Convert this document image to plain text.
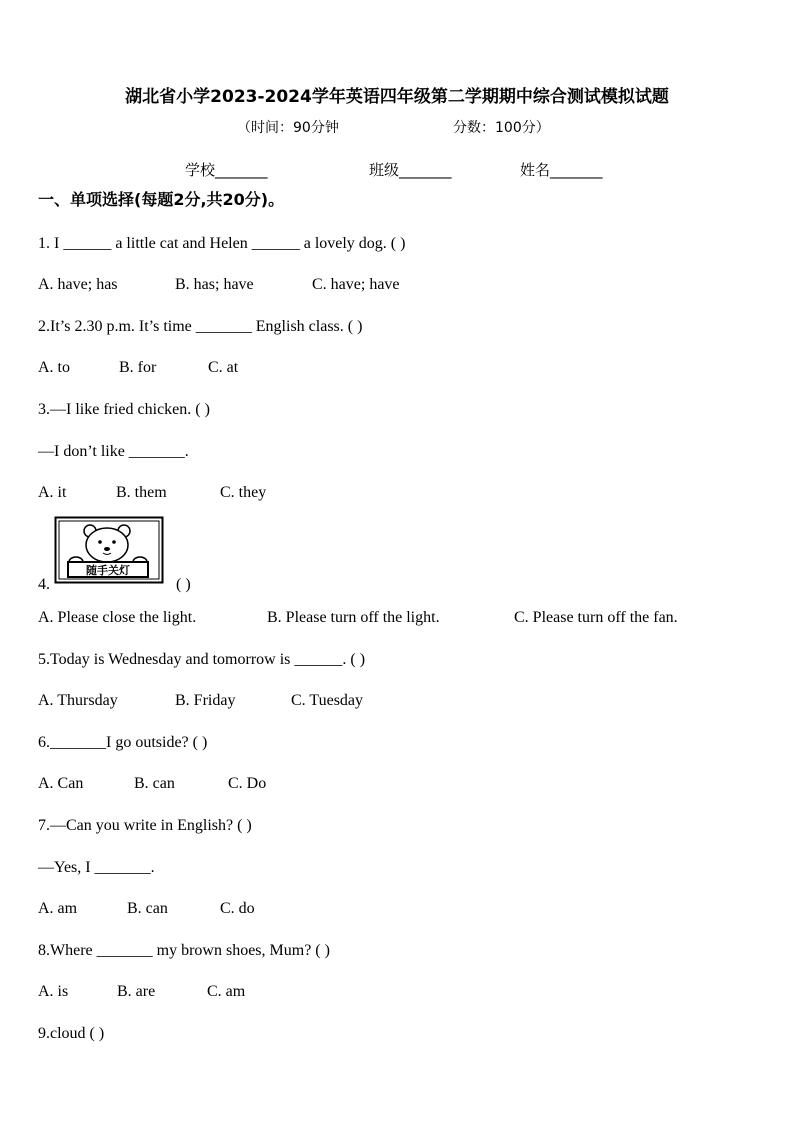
湖北省小学2023-2024学年英语四年级第二学期期中综合测试模拟试题
（时间：90分钟	分数：100分）
学校_______	班级_______	姓名_______
一、单项选择(每题2分,共20分)。
1. I ______ a little cat and Helen ______ a lovely dog. ( )
A. have; has	B. has; have	C. have; have
2.It’s 2.30 p.m. It’s time _______ English class. ( )
A. to	B. for	C. at
3.—I like fried chicken. ( )
—I don’t like _______.
A. it	B. them	C. they
随手关灯
4.	( )
A. Please close the light.	B. Please turn off the light.	C. Please turn off the fan.
5.Today is Wednesday and tomorrow is ______. ( )
A. Thursday	B. Friday	C. Tuesday
6._______I go outside? ( )
A. Can	B. can	C. Do
7.—Can you write in English? ( )
—Yes, I _______.
A. am	B. can	C. do
8.Where _______ my brown shoes, Mum? ( )
A. is	B. are	C. am
9.cloud ( )
